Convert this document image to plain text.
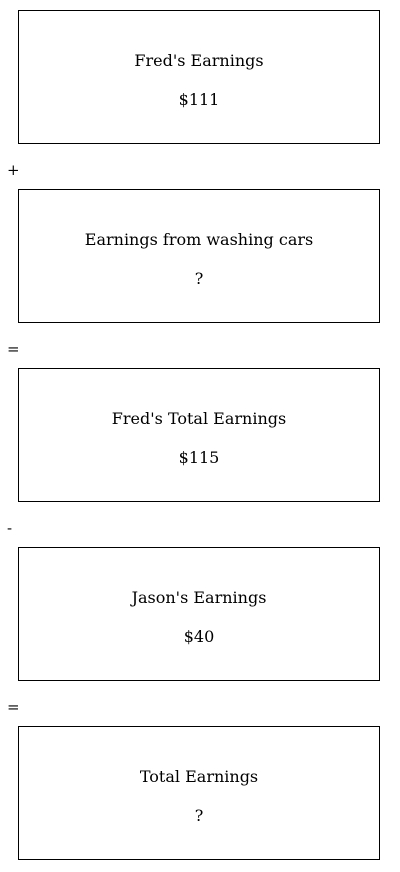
Fred's Earnings
$111
+
Earnings from washing cars
?
=
Fred's Total Earnings
$115
-
Jason's Earnings
$40
=
Total Earnings
?
